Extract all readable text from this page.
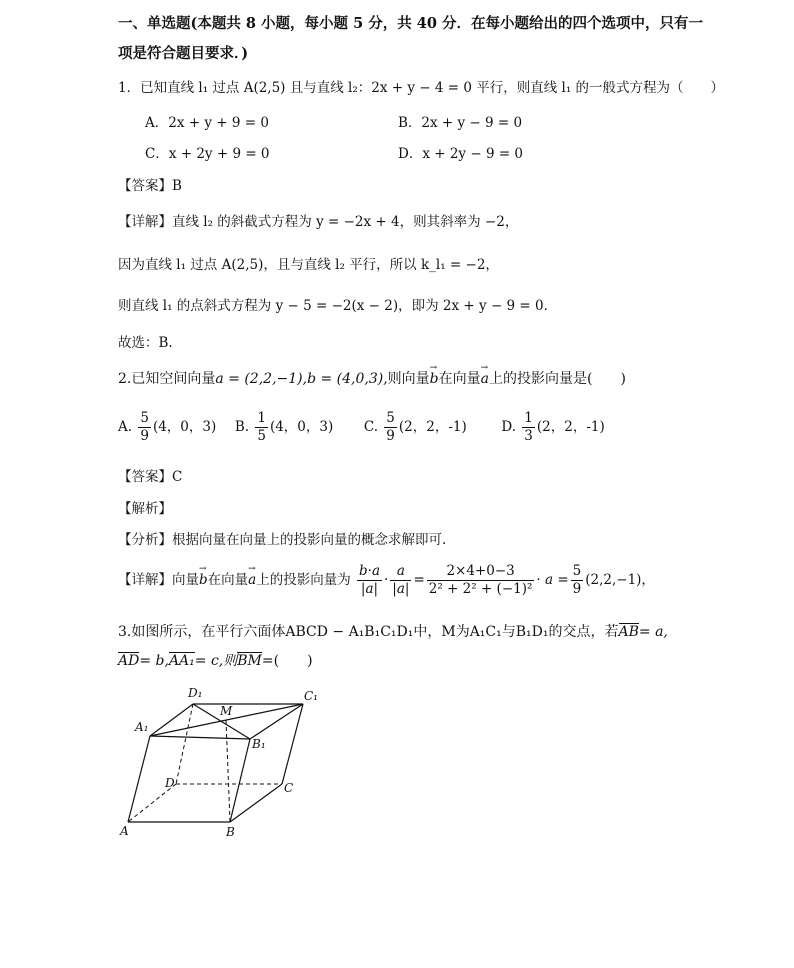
一、单选题(本题共 8 小题，每小题 5 分，共 40 分．在每小题给出的四个选项中，只有一
项是符合题目要求．)
1．已知直线 l₁ 过点 A(2,5) 且与直线 l₂：2x + y − 4 = 0 平行，则直线 l₁ 的一般式方程为（　　）
A．2x + y + 9 = 0	B．2x + y − 9 = 0
C．x + 2y + 9 = 0	D．x + 2y − 9 = 0
【答案】B
【详解】直线 l₂ 的斜截式方程为 y = −2x + 4，则其斜率为 −2，
因为直线 l₁ 过点 A(2,5)，且与直线 l₂ 平行，所以 k_l₁ = −2，
则直线 l₁ 的点斜式方程为 y − 5 = −2(x − 2)，即为 2x + y − 9 = 0．
故选：B.
2.已知空间向量a = (2,2,−1),b = (4,0,3),则向量→ b在向量→ a上的投影向量是(　　)
A. $\frac{5}{9} (4$，0，3) B. $\frac{1}{5} (4$，0，3) C. $\frac{5}{9} (2$，2，-1)	D. $\frac{1}{3} (2$，2，-1)
【答案】C
【解析】
【分析】根据向量在向量上的投影向量的概念求解即可.
【详解】向量→ b在向量→ a上的投影向量为 $\frac{b\cdot a}{|a|} \cdot \frac{a}{|a|} = \frac{2\times 4+0-3}{\text{2² + 2² + (−1)²}} \cdot a = \frac{5}{9} (2,2,-1)$，
3.如图所示，在平行六面体ABCD − A₁B₁C₁D₁中，M为A₁C₁与B₁D₁的交点，若AB= a,
AD= b,AA₁= c,则BM=(　　)
D₁	C₁
M
A₁
B₁
D	C
A	B
